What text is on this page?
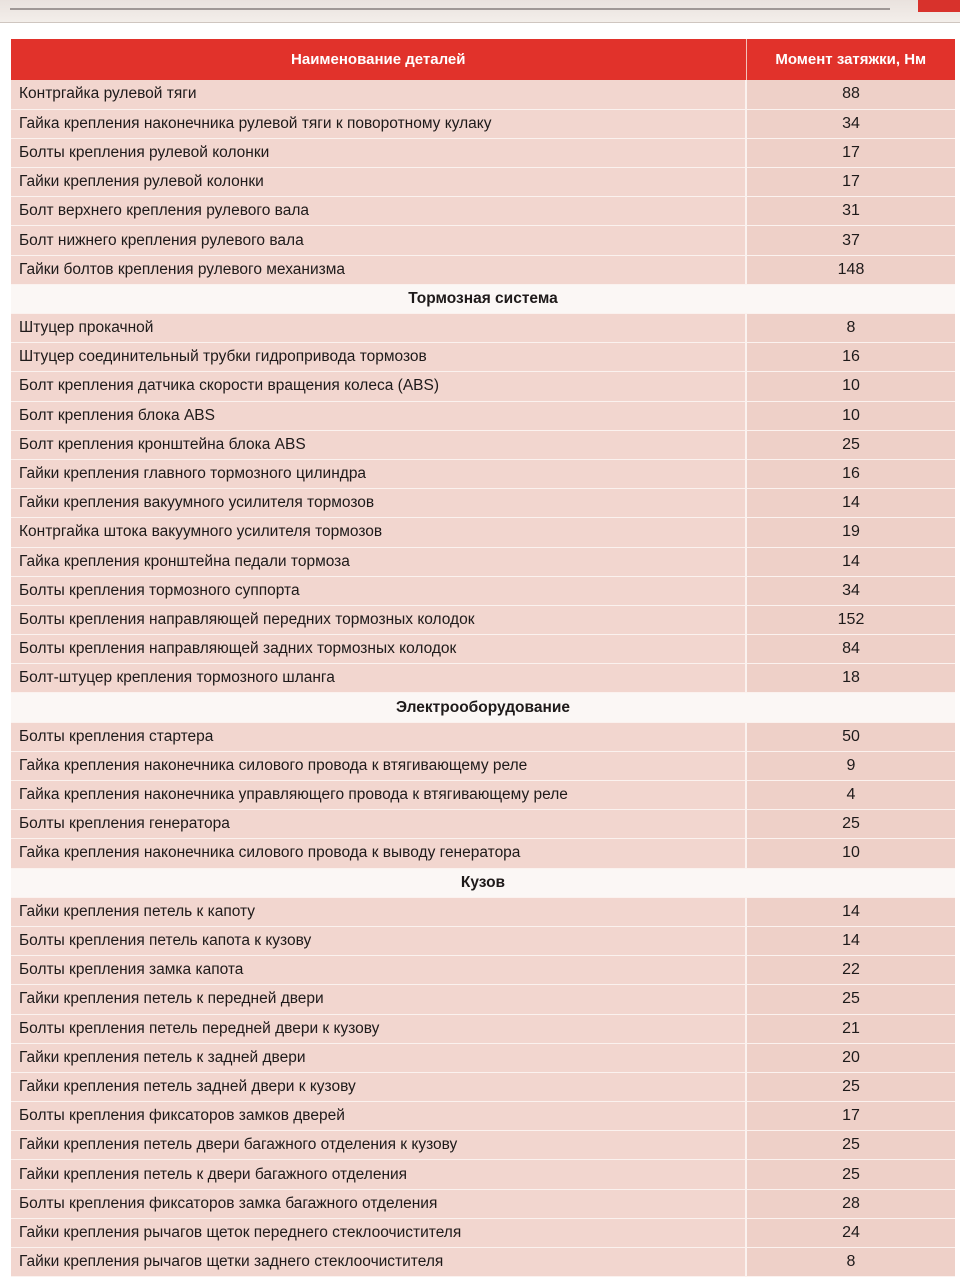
Наименование деталей	Момент затяжки, Нм
Контргайка рулевой тяги	88
Гайка крепления наконечника рулевой тяги к поворотному кулаку	34
Болты крепления рулевой колонки	17
Гайки крепления рулевой колонки	17
Болт верхнего крепления рулевого вала	31
Болт нижнего крепления рулевого вала	37
Гайки болтов крепления рулевого механизма	148
Тормозная система	
Штуцер прокачной	8
Штуцер соединительный трубки гидропривода тормозов	16
Болт крепления датчика скорости вращения колеса (ABS)	10
Болт крепления блока ABS	10
Болт крепления кронштейна блока ABS	25
Гайки крепления главного тормозного цилиндра	16
Гайки крепления вакуумного усилителя тормозов	14
Контргайка штока вакуумного усилителя тормозов	19
Гайка крепления кронштейна педали тормоза	14
Болты крепления тормозного суппорта	34
Болты крепления направляющей передних тормозных колодок	152
Болты крепления направляющей задних тормозных колодок	84
Болт-штуцер крепления тормозного шланга	18
Электрооборудование	
Болты крепления стартера	50
Гайка крепления наконечника силового провода к втягивающему реле	9
Гайка крепления наконечника управляющего провода к втягивающему реле	4
Болты крепления генератора	25
Гайка крепления наконечника силового провода к выводу генератора	10
Кузов	
Гайки крепления петель к капоту	14
Болты крепления петель капота к кузову	14
Болты крепления замка капота	22
Гайки крепления петель к передней двери	25
Болты крепления петель передней двери к кузову	21
Гайки крепления петель к задней двери	20
Гайки крепления петель задней двери к кузову	25
Болты крепления фиксаторов замков дверей	17
Гайки крепления петель двери багажного отделения к кузову	25
Гайки крепления петель к двери багажного отделения	25
Болты крепления фиксаторов замка багажного отделения	28
Гайки крепления рычагов щеток переднего стеклоочистителя	24
Гайки крепления рычагов щетки заднего стеклоочистителя	8
